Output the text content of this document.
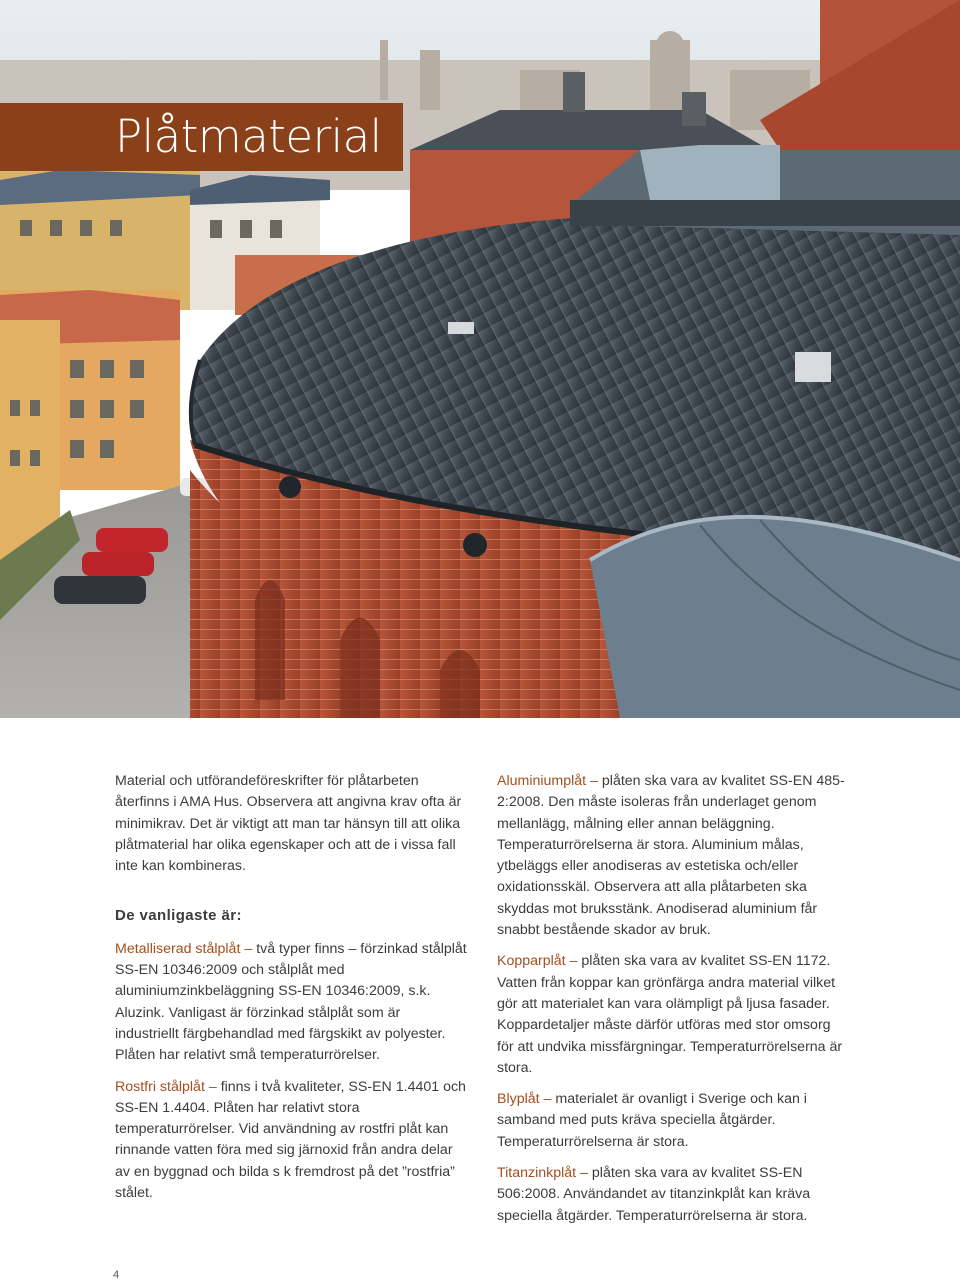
Plåtmaterial

Material och utförandeföreskrifter för plåtarbeten återfinns i AMA Hus. Observera att angivna krav ofta är minimikrav. Det är viktigt att man tar hänsyn till att olika plåtmaterial har olika egenskaper och att de i vissa fall inte kan kombineras.

De vanligaste är:

Metalliserad stålplåt – två typer finns – förzinkad stålplåt SS-EN 10346:2009 och stålplåt med aluminiumzinkbeläggning SS-EN 10346:2009, s.k. Aluzink. Vanligast är förzinkad stålplåt som är industriellt färgbehandlad med färgskikt av polyester. Plåten har relativt små temperaturrörelser.

Rostfri stålplåt – finns i två kvaliteter, SS-EN 1.4401 och SS-EN 1.4404. Plåten har relativt stora temperaturrörelser. Vid användning av rostfri plåt kan rinnande vatten föra med sig järnoxid från andra delar av en byggnad och bilda s k fremdrost på det ”rostfria” stålet.

Aluminiumplåt – plåten ska vara av kvalitet SS-EN 485-2:2008. Den måste isoleras från underlaget genom mellanlägg, målning eller annan beläggning. Temperaturrörelserna är stora. Aluminium målas, ytbeläggs eller anodiseras av estetiska och/eller oxidationsskäl. Observera att alla plåtarbeten ska skyddas mot bruksstänk. Anodiserad aluminium får snabbt bestående skador av bruk.

Kopparplåt – plåten ska vara av kvalitet SS-EN 1172. Vatten från koppar kan grönfärga andra material vilket gör att materialet kan vara olämpligt på ljusa fasader. Koppardetaljer måste därför utföras med stor omsorg för att undvika missfärgningar. Temperaturrörelserna är stora.

Blyplåt – materialet är ovanligt i Sverige och kan i samband med puts kräva speciella åtgärder. Temperaturrörelserna är stora.

Titanzinkplåt – plåten ska vara av kvalitet SS-EN 506:2008. Användandet av titanzinkplåt kan kräva speciella åtgärder. Temperaturrörelserna är stora.

4
